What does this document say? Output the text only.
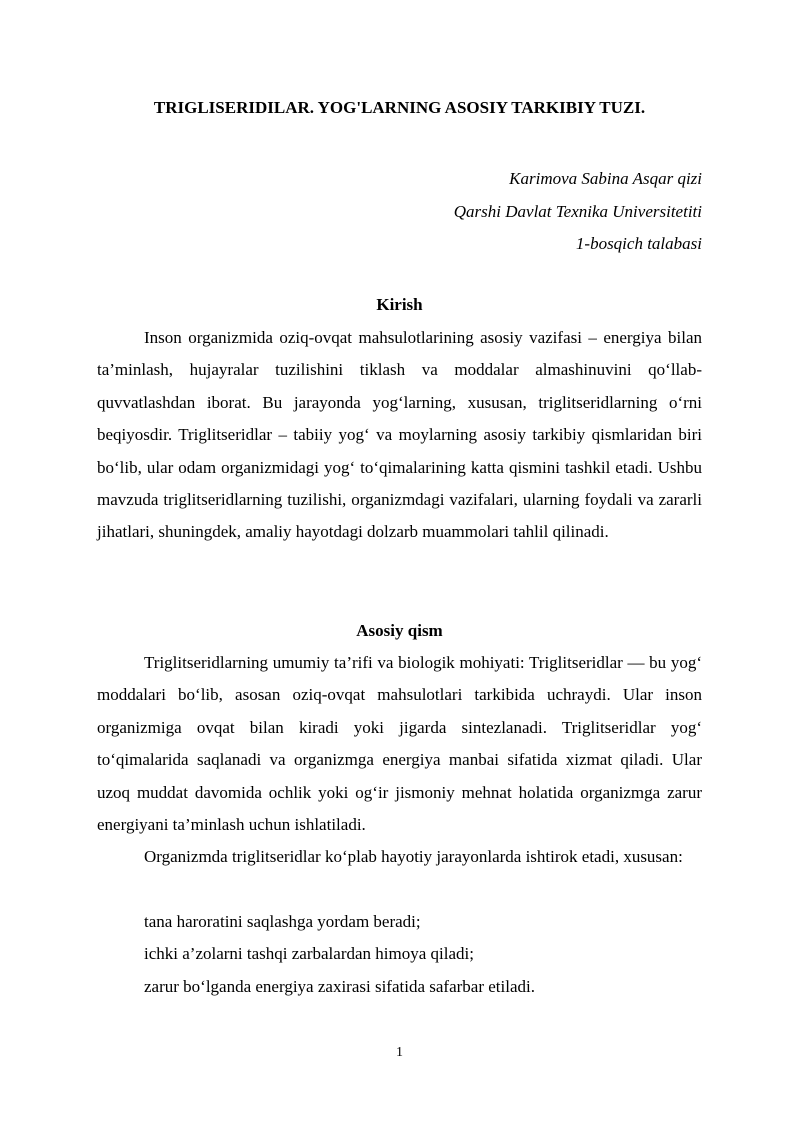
TRIGLISERIDILAR. YOG'LARNING ASOSIY TARKIBIY TUZI.
Karimova Sabina Asqar qizi
Qarshi Davlat Texnika Universitetiti
1-bosqich talabasi
Kirish

Inson organizmida oziq-ovqat mahsulotlarining asosiy vazifasi – energiya bilan ta’minlash, hujayralar tuzilishini tiklash va moddalar almashinuvini qo‘llab-quvvatlashdan iborat. Bu jarayonda yog‘larning, xususan, triglitseridlarning o‘rni beqiyosdir. Triglitseridlar – tabiiy yog‘ va moylarning asosiy tarkibiy qismlaridan biri bo‘lib, ular odam organizmidagi yog‘ to‘qimalarining katta qismini tashkil etadi. Ushbu mavzuda triglitseridlarning tuzilishi, organizmdagi vazifalari, ularning foydali va zararli jihatlari, shuningdek, amaliy hayotdagi dolzarb muammolari tahlil qilinadi.

Asosiy qism

Triglitseridlarning umumiy ta’rifi va biologik mohiyati: Triglitseridlar — bu yog‘ moddalari bo‘lib, asosan oziq-ovqat mahsulotlari tarkibida uchraydi. Ular inson organizmiga ovqat bilan kiradi yoki jigarda sintezlanadi. Triglitseridlar yog‘ to‘qimalarida saqlanadi va organizmga energiya manbai sifatida xizmat qiladi. Ular uzoq muddat davomida ochlik yoki og‘ir jismoniy mehnat holatida organizmga zarur energiyani ta’minlash uchun ishlatiladi.

Organizmda triglitseridlar ko‘plab hayotiy jarayonlarda ishtirok etadi, xususan:

tana haroratini saqlashga yordam beradi;
ichki a’zolarni tashqi zarbalardan himoya qiladi;
zarur bo‘lganda energiya zaxirasi sifatida safarbar etiladi.
1
